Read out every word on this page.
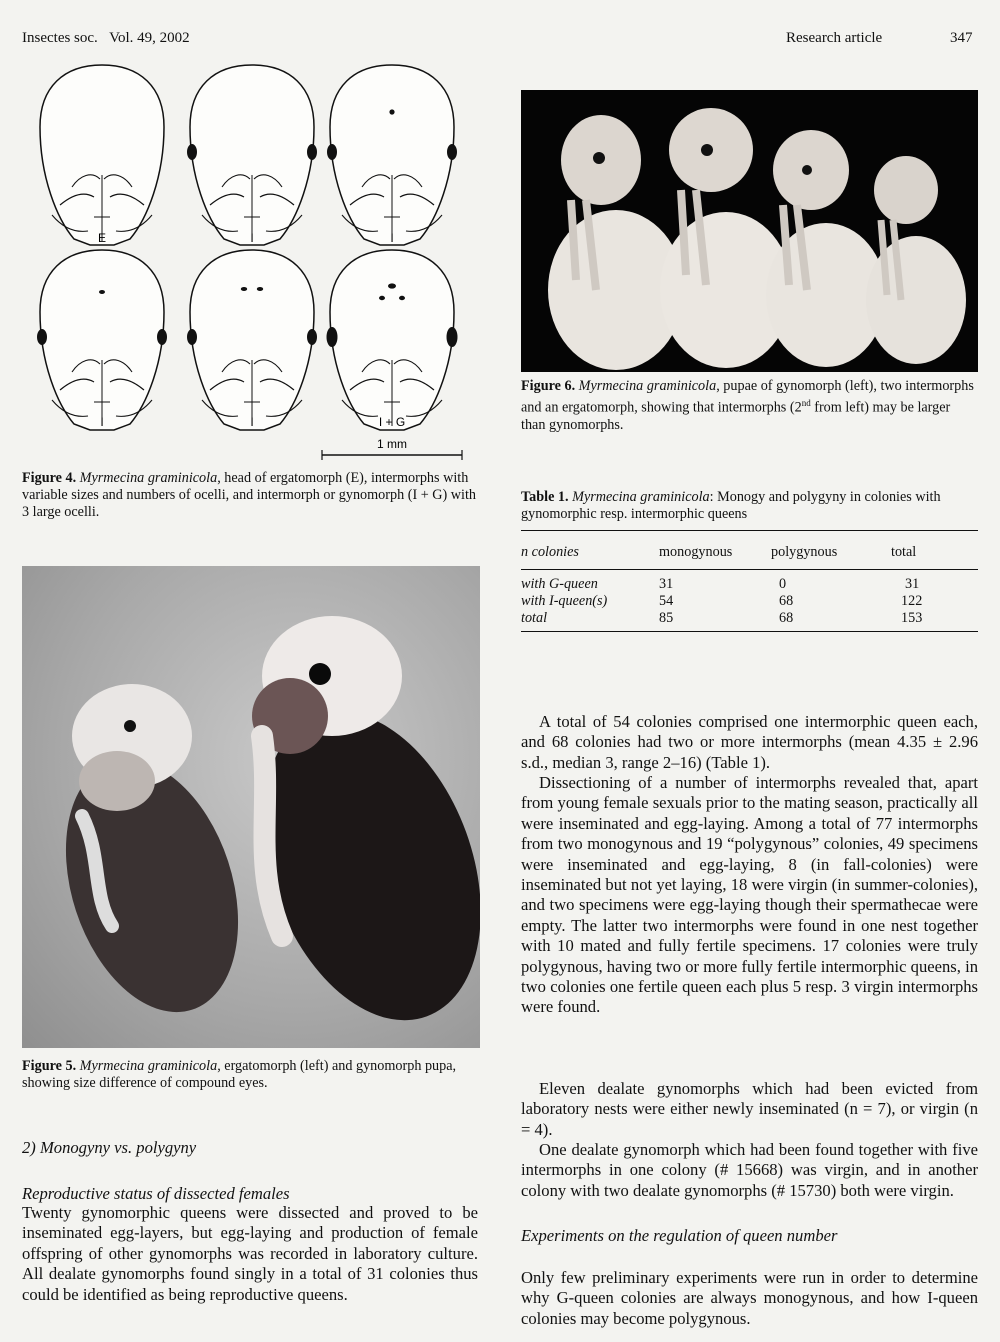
Insectes soc. Vol. 49, 2002	Research article	347
E	I	I
I	I	I + G
1 mm
Figure 4. Myrmecina graminicola, head of ergatomorph (E), intermorphs with variable sizes and numbers of ocelli, and intermorph or gynomorph (I + G) with 3 large ocelli.
Figure 5. Myrmecina graminicola, ergatomorph (left) and gynomorph pupa, showing size difference of compound eyes.
2) Monogyny vs. polygyny
Reproductive status of dissected females
Twenty gynomorphic queens were dissected and proved to be inseminated egg-layers, but egg-laying and production of female offspring of other gynomorphs was recorded in laboratory culture. All dealate gynomorphs found singly in a total of 31 colonies thus could be identified as being reproductive queens.
Figure 6. Myrmecina graminicola, pupae of gynomorph (left), two intermorphs and an ergatomorph, showing that intermorphs (2nd from left) may be larger than gynomorphs.
Table 1. Myrmecina graminicola: Monogy and polygyny in colonies with gynomorphic resp. intermorphic queens
n colonies	monogynous	polygynous	total
with G-queen	31	0	31
with I-queen(s)	54	68	122
total	85	68	153
A total of 54 colonies comprised one intermorphic queen each, and 68 colonies had two or more intermorphs (mean 4.35 ± 2.96 s.d., median 3, range 2–16) (Table 1).
Dissectioning of a number of intermorphs revealed that, apart from young female sexuals prior to the mating season, practically all were inseminated and egg-laying. Among a total of 77 intermorphs from two monogynous and 19 “polygynous” colonies, 49 specimens were inseminated and egg-laying, 8 (in fall-colonies) were inseminated but not yet laying, 18 were virgin (in summer-colonies), and two specimens were egg-laying though their spermathecae were empty. The latter two intermorphs were found in one nest together with 10 mated and fully fertile specimens. 17 colonies were truly polygynous, having two or more fully fertile intermorphic queens, in two colonies one fertile queen each plus 5 resp. 3 virgin intermorphs were found.
Eleven dealate gynomorphs which had been evicted from laboratory nests were either newly inseminated (n = 7), or virgin (n = 4).
One dealate gynomorph which had been found together with five intermorphs in one colony (# 15668) was virgin, and in another colony with two dealate gynomorphs (# 15730) both were virgin.
Experiments on the regulation of queen number
Only few preliminary experiments were run in order to determine why G-queen colonies are always monogynous, and how I-queen colonies may become polygynous.
